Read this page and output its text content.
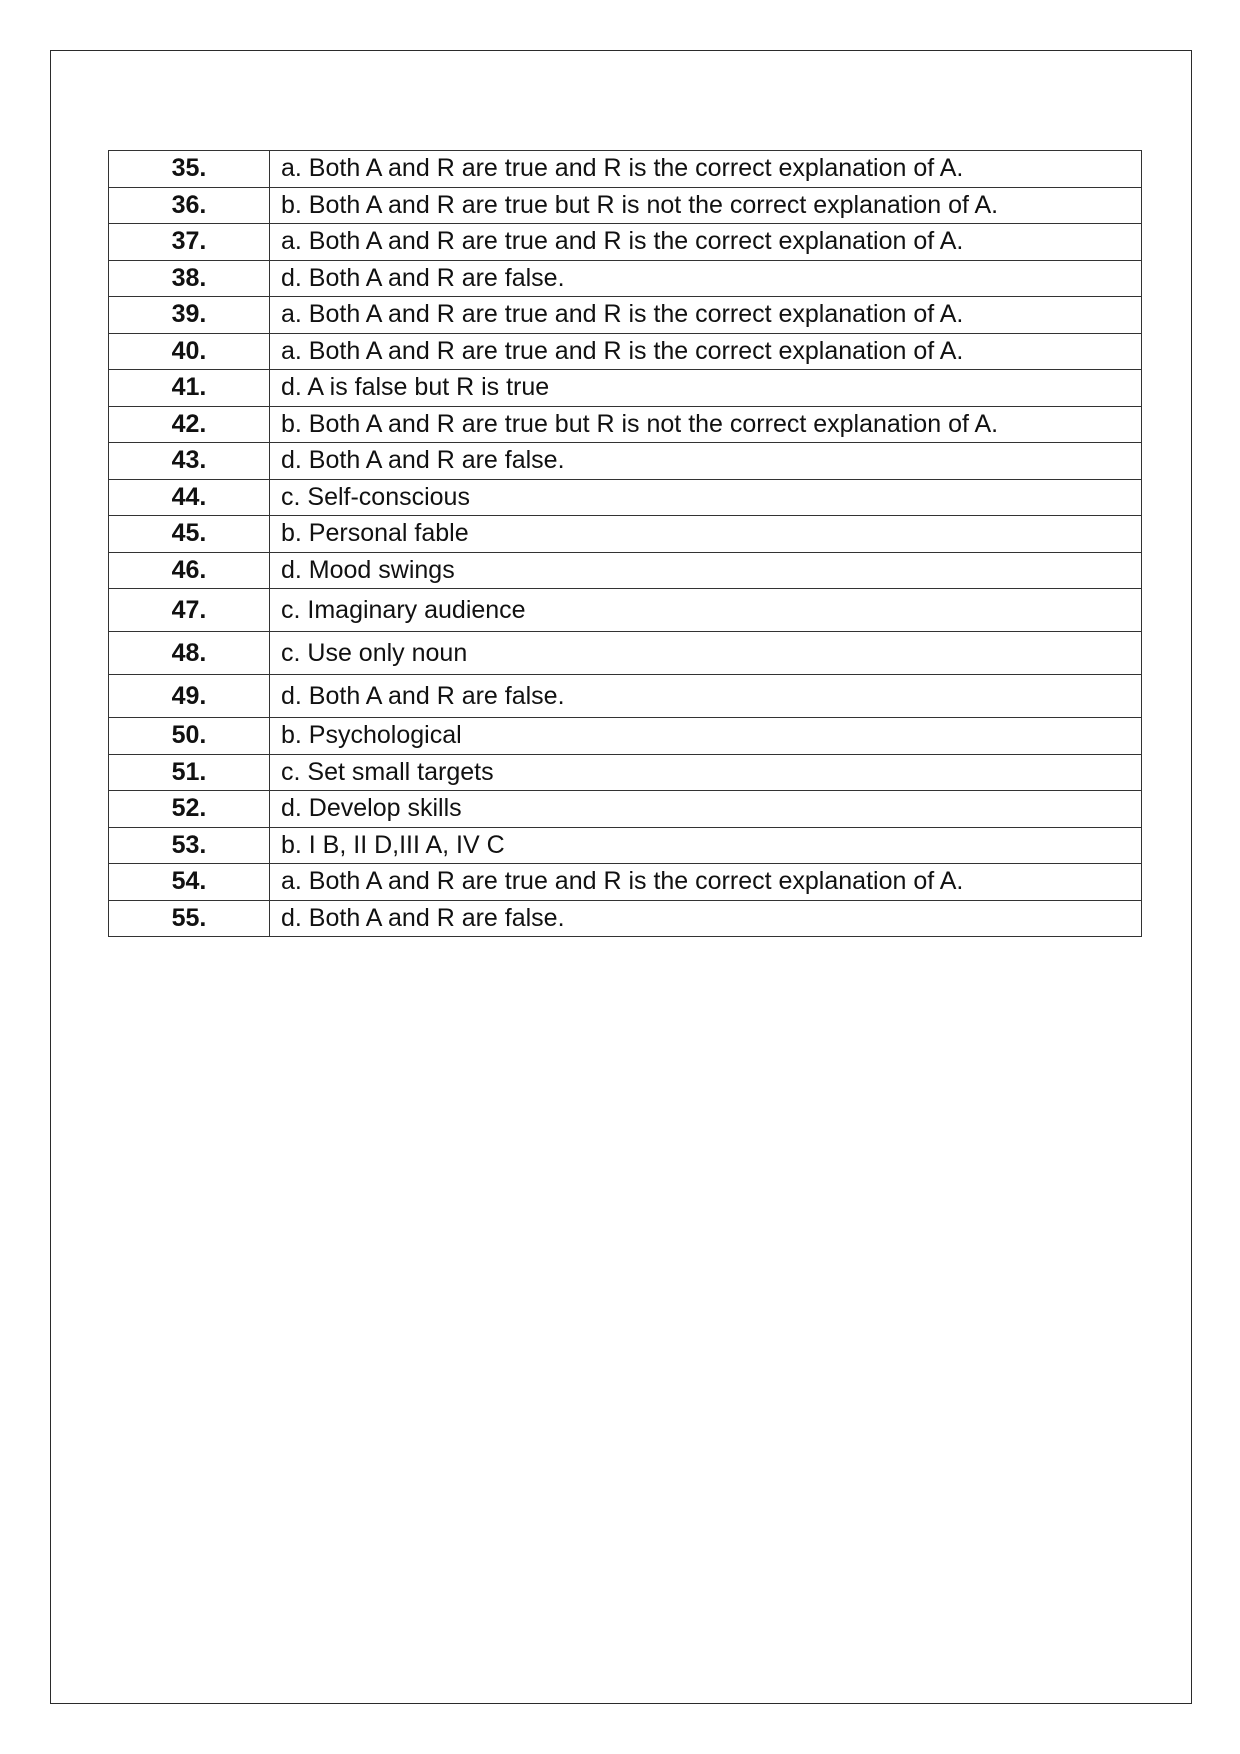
35.	a. Both A and R are true and R is the correct explanation of A.
36.	b. Both A and R are true but R is not the correct explanation of A.
37.	a. Both A and R are true and R is the correct explanation of A.
38.	d. Both A and R are false.
39.	a. Both A and R are true and R is the correct explanation of A.
40.	a. Both A and R are true and R is the correct explanation of A.
41.	d. A is false but R is true
42.	b. Both A and R are true but R is not the correct explanation of A.
43.	d. Both A and R are false.
44.	c. Self-conscious
45.	b. Personal fable
46.	d. Mood swings
47.	c. Imaginary audience
48.	c. Use only noun
49.	d. Both A and R are false.
50.	b. Psychological
51.	c. Set small targets
52.	d. Develop skills
53.	b. I B, II D,III A, IV C
54.	a. Both A and R are true and R is the correct explanation of A.
55.	d. Both A and R are false.
